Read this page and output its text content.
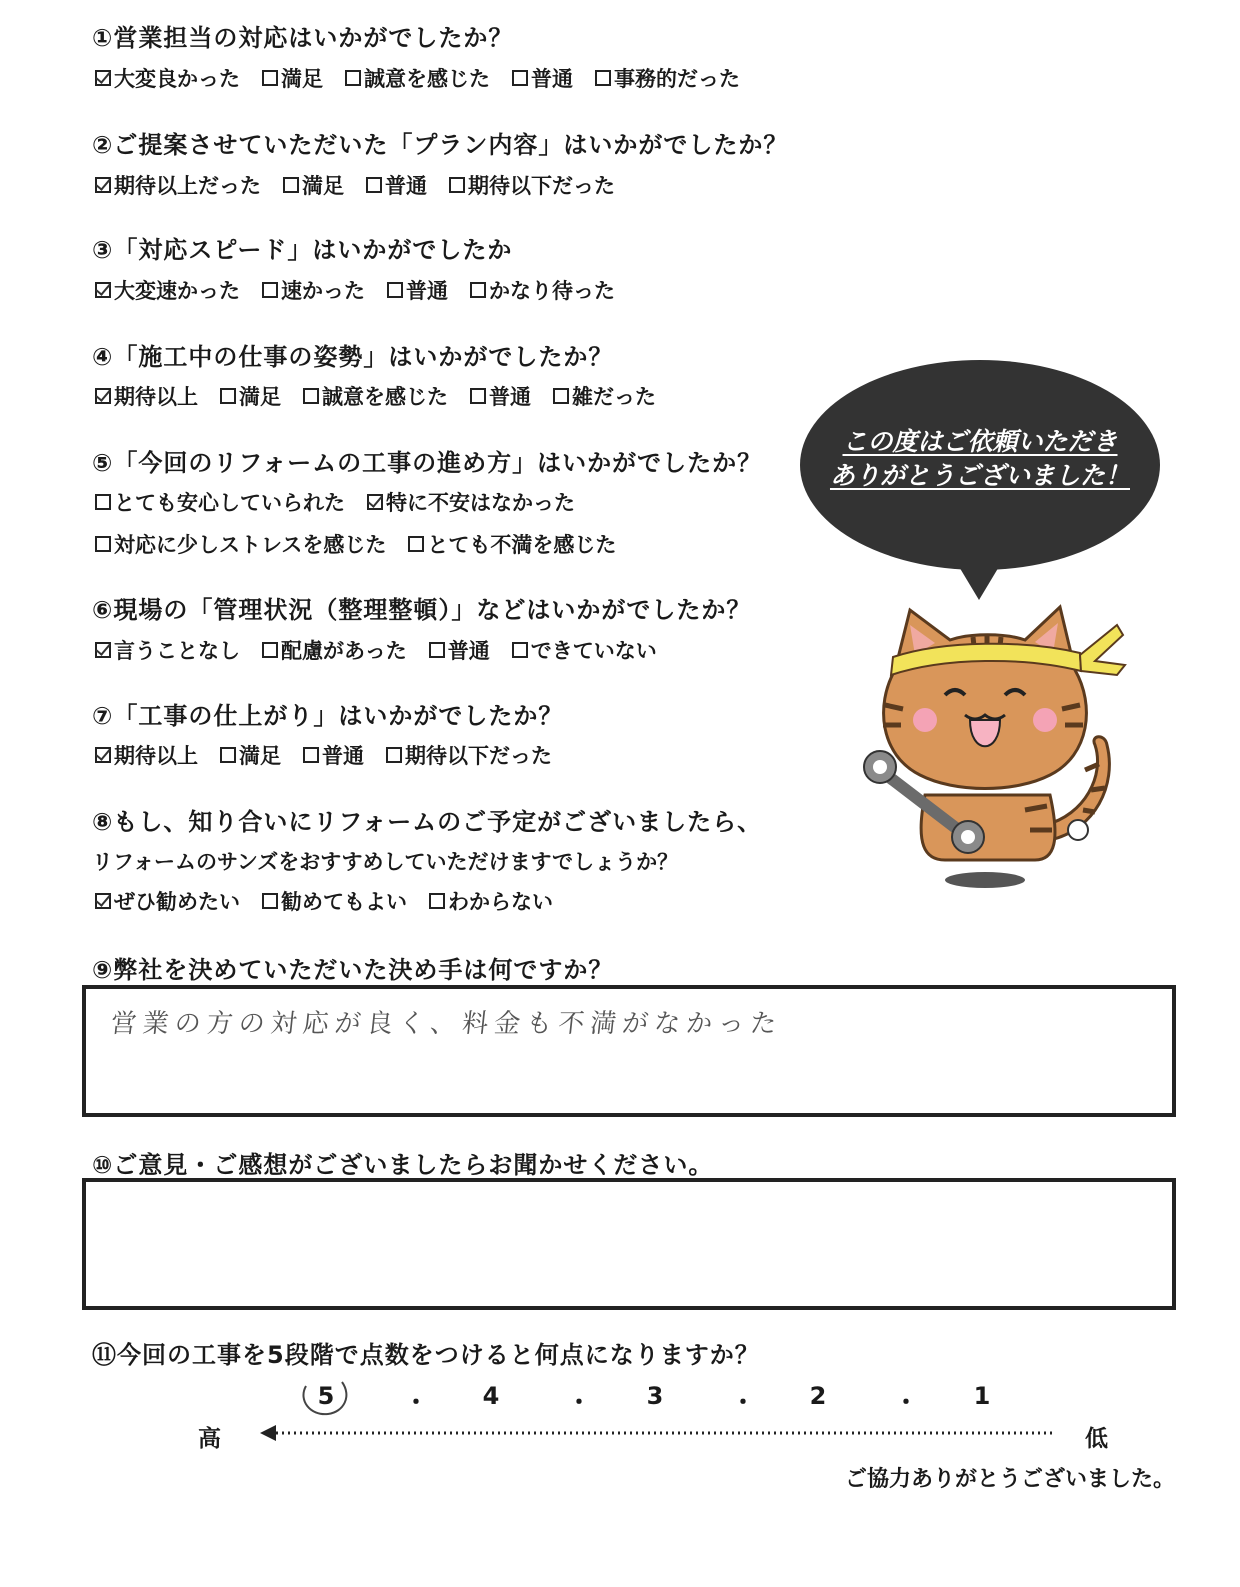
①営業担当の対応はいかがでしたか？
大変良かった 満足 誠意を感じた 普通 事務的だった
②ご提案させていただいた「プラン内容」はいかがでしたか？
期待以上だった 満足 普通 期待以下だった
③「対応スピード」はいかがでしたか
大変速かった 速かった 普通 かなり待った
④「施工中の仕事の姿勢」はいかがでしたか？
期待以上 満足 誠意を感じた 普通 雑だった
⑤「今回のリフォームの工事の進め方」はいかがでしたか？
とても安心していられた 特に不安はなかった
対応に少しストレスを感じた とても不満を感じた
⑥現場の「管理状況（整理整頓）」などはいかがでしたか？
言うことなし 配慮があった 普通 できていない
⑦「工事の仕上がり」はいかがでしたか？
期待以上 満足 普通 期待以下だった
⑧もし、知り合いにリフォームのご予定がございましたら、
リフォームのサンズをおすすめしていただけますでしょうか？
ぜひ勧めたい 勧めてもよい わからない
⑨弊社を決めていただいた決め手は何ですか？
営業の方の対応が良く、料金も不満がなかった
⑩ご意見・ご感想がございましたらお聞かせください。
⑪今回の工事を5段階で点数をつけると何点になりますか？
5	・	4	・	3	・	2	・	1
高	低
ご協力ありがとうございました。
この度はご依頼いただき
ありがとうございました！
